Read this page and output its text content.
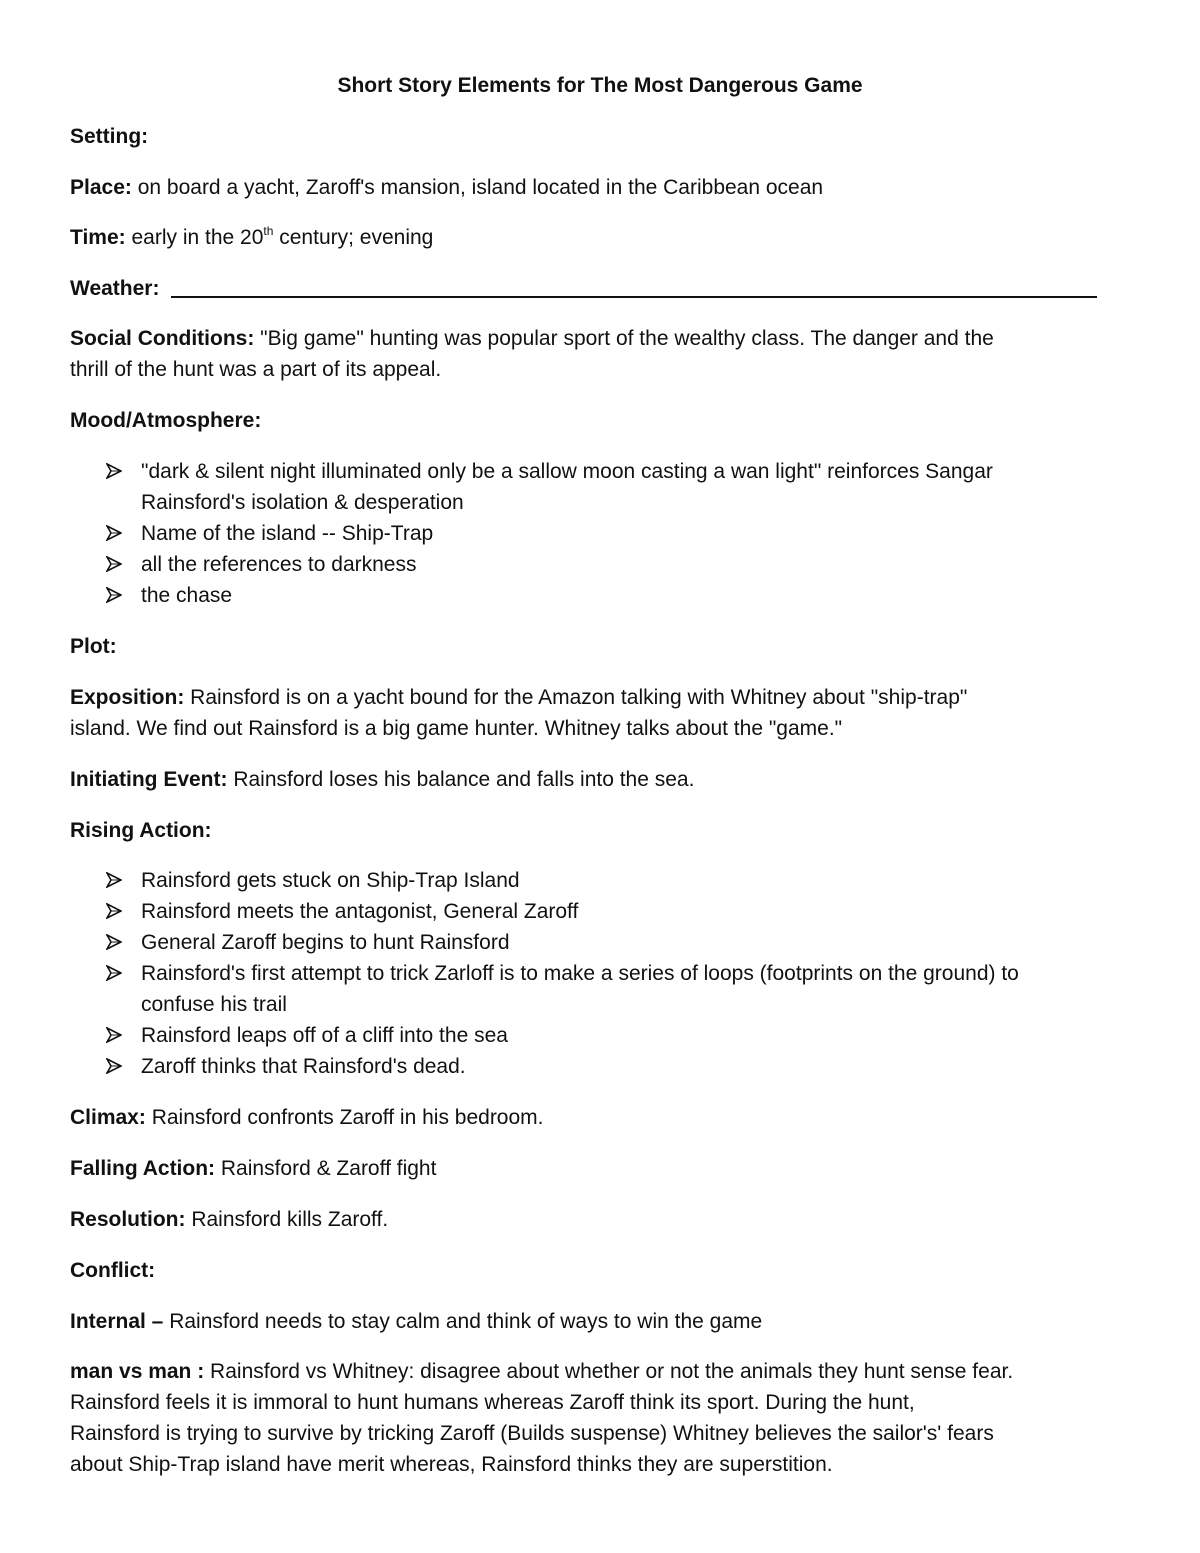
Short Story Elements for The Most Dangerous Game
Setting:
Place: on board a yacht, Zaroff's mansion, island located in the Caribbean ocean
Time: early in the 20th century; evening
Weather:
Social Conditions: "Big game" hunting was popular sport of the wealthy class. The danger and the
thrill of the hunt was a part of its appeal.
Mood/Atmosphere:
"dark & silent night illuminated only be a sallow moon casting a wan light" reinforces Sangar
Rainsford's isolation & desperation
Name of the island -- Ship-Trap
all the references to darkness
the chase
Plot:
Exposition: Rainsford is on a yacht bound for the Amazon talking with Whitney about "ship-trap"
island. We find out Rainsford is a big game hunter. Whitney talks about the "game."
Initiating Event: Rainsford loses his balance and falls into the sea.
Rising Action:
Rainsford gets stuck on Ship-Trap Island
Rainsford meets the antagonist, General Zaroff
General Zaroff begins to hunt Rainsford
Rainsford's first attempt to trick Zarloff is to make a series of loops (footprints on the ground) to
confuse his trail
Rainsford leaps off of a cliff into the sea
Zaroff thinks that Rainsford's dead.
Climax: Rainsford confronts Zaroff in his bedroom.
Falling Action: Rainsford & Zaroff fight
Resolution: Rainsford kills Zaroff.
Conflict:
Internal – Rainsford needs to stay calm and think of ways to win the game
man vs man : Rainsford vs Whitney: disagree about whether or not the animals they hunt sense fear.
Rainsford feels it is immoral to hunt humans whereas Zaroff think its sport. During the hunt,
Rainsford is trying to survive by tricking Zaroff (Builds suspense) Whitney believes the sailor's' fears
about Ship-Trap island have merit whereas, Rainsford thinks they are superstition.
